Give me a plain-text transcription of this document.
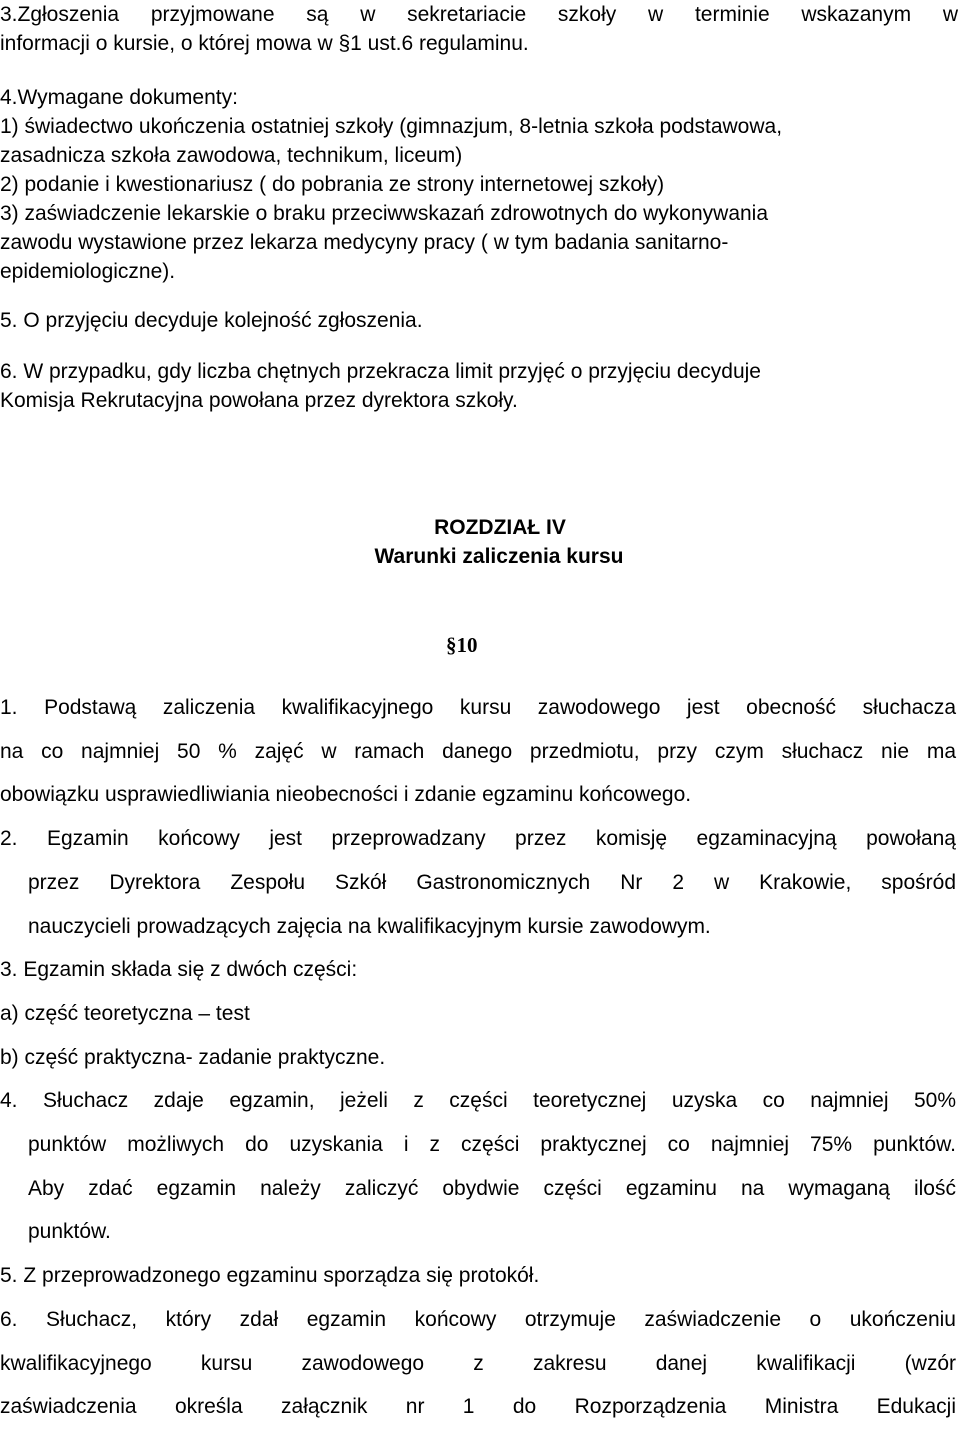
3.Zgłoszenia przyjmowane są w sekretariacie szkoły w terminie wskazanym w

informacji o kursie, o której mowa w §1 ust.6 regulaminu.

4.Wymagane dokumenty:

1) świadectwo ukończenia ostatniej szkoły (gimnazjum, 8-letnia szkoła podstawowa,

zasadnicza szkoła zawodowa, technikum, liceum)

2) podanie i kwestionariusz ( do pobrania ze strony internetowej szkoły)

3) zaświadczenie lekarskie o braku przeciwwskazań zdrowotnych do wykonywania

zawodu wystawione przez lekarza medycyny pracy ( w tym badania sanitarno-

epidemiologiczne).

5. O przyjęciu decyduje kolejność zgłoszenia.

6. W przypadku, gdy liczba chętnych przekracza limit przyjęć o przyjęciu decyduje

Komisja Rekrutacyjna powołana przez dyrektora szkoły.

ROZDZIAŁ IV
Warunki zaliczenia kursu
§10

1. Podstawą zaliczenia kwalifikacyjnego kursu zawodowego jest obecność słuchacza

na co najmniej 50 % zajęć w ramach danego przedmiotu, przy czym słuchacz nie ma

obowiązku usprawiedliwiania nieobecności i zdanie egzaminu końcowego.

2. Egzamin końcowy jest przeprowadzany przez komisję egzaminacyjną powołaną

przez Dyrektora Zespołu Szkół Gastronomicznych Nr 2 w Krakowie, spośród

nauczycieli prowadzących zajęcia na kwalifikacyjnym kursie zawodowym.

3. Egzamin składa się z dwóch części:

a) część teoretyczna – test

b) część praktyczna- zadanie praktyczne.

4. Słuchacz zdaje egzamin, jeżeli z części teoretycznej uzyska co najmniej 50%

punktów możliwych do uzyskania i z części praktycznej co najmniej 75% punktów.

Aby zdać egzamin należy zaliczyć obydwie części egzaminu na wymaganą ilość

punktów.

5. Z przeprowadzonego egzaminu sporządza się protokół.

6. Słuchacz, który zdał egzamin końcowy otrzymuje zaświadczenie o ukończeniu

kwalifikacyjnego kursu zawodowego z zakresu danej kwalifikacji (wzór

zaświadczenia określa załącznik nr 1 do Rozporządzenia Ministra Edukacji
